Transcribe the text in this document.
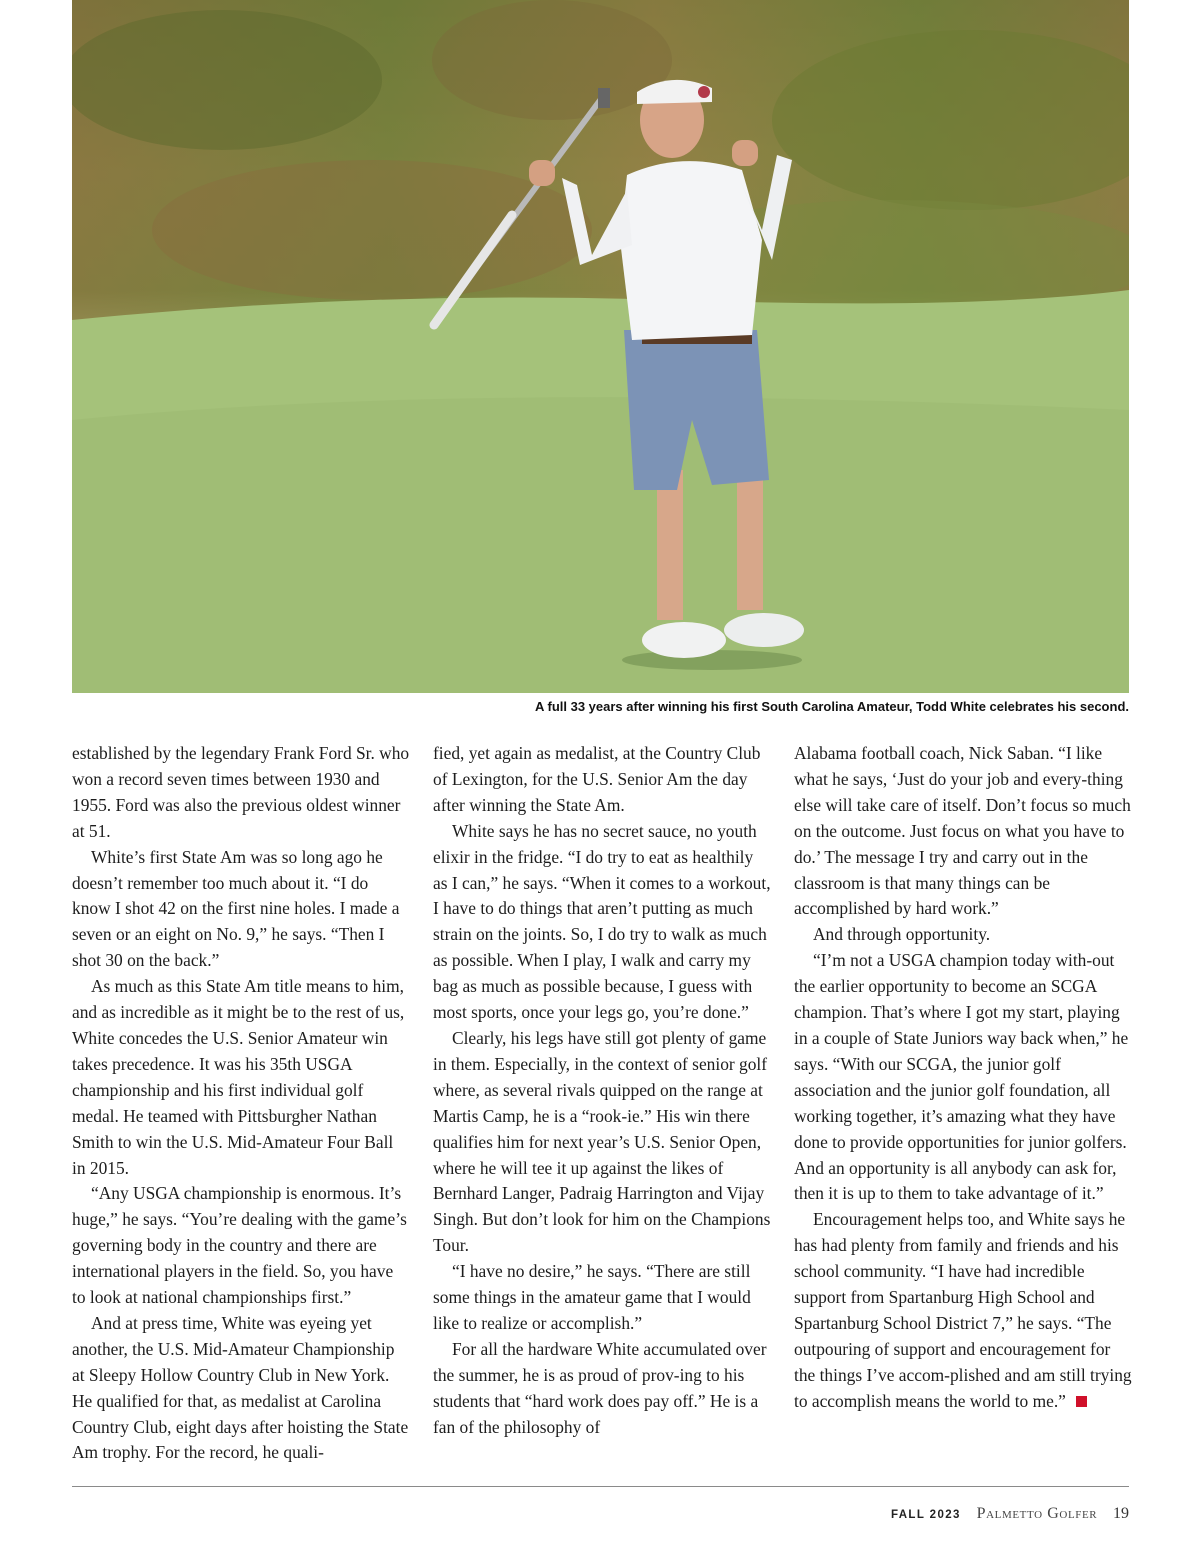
A full 33 years after winning his first South Carolina Amateur, Todd White celebrates his second.

established by the legendary Frank Ford Sr. who won a record seven times between 1930 and 1955. Ford was also the previous oldest winner at 51.

White’s first State Am was so long ago he doesn’t remember too much about it. “I do know I shot 42 on the first nine holes. I made a seven or an eight on No. 9,” he says. “Then I shot 30 on the back.”

As much as this State Am title means to him, and as incredible as it might be to the rest of us, White concedes the U.S. Senior Amateur win takes precedence. It was his 35th USGA championship and his first individual golf medal. He teamed with Pittsburgher Nathan Smith to win the U.S. Mid-Amateur Four Ball in 2015.

“Any USGA championship is enormous. It’s huge,” he says. “You’re dealing with the game’s governing body in the country and there are international players in the field. So, you have to look at national championships first.”

And at press time, White was eyeing yet another, the U.S. Mid-Amateur Championship at Sleepy Hollow Country Club in New York. He qualified for that, as medalist at Carolina Country Club, eight days after hoisting the State Am trophy. For the record, he quali-

fied, yet again as medalist, at the Country Club of Lexington, for the U.S. Senior Am the day after winning the State Am.

White says he has no secret sauce, no youth elixir in the fridge. “I do try to eat as healthily as I can,” he says. “When it comes to a workout, I have to do things that aren’t putting as much strain on the joints. So, I do try to walk as much as possible. When I play, I walk and carry my bag as much as possible because, I guess with most sports, once your legs go, you’re done.”

Clearly, his legs have still got plenty of game in them. Especially, in the context of senior golf where, as several rivals quipped on the range at Martis Camp, he is a “rook-ie.” His win there qualifies him for next year’s U.S. Senior Open, where he will tee it up against the likes of Bernhard Langer, Padraig Harrington and Vijay Singh. But don’t look for him on the Champions Tour.

“I have no desire,” he says. “There are still some things in the amateur game that I would like to realize or accomplish.”

For all the hardware White accumulated over the summer, he is as proud of prov-ing to his students that “hard work does pay off.” He is a fan of the philosophy of

Alabama football coach, Nick Saban. “I like what he says, ‘Just do your job and every-thing else will take care of itself. Don’t focus so much on the outcome. Just focus on what you have to do.’ The message I try and carry out in the classroom is that many things can be accomplished by hard work.”

And through opportunity.

“I’m not a USGA champion today with-out the earlier opportunity to become an SCGA champion. That’s where I got my start, playing in a couple of State Juniors way back when,” he says. “With our SCGA, the junior golf association and the junior golf foundation, all working together, it’s amazing what they have done to provide opportunities for junior golfers. And an opportunity is all anybody can ask for, then it is up to them to take advantage of it.”

Encouragement helps too, and White says he has had plenty from family and friends and his school community. “I have had incredible support from Spartanburg High School and Spartanburg School District 7,” he says. “The outpouring of support and encouragement for the things I’ve accom-plished and am still trying to accomplish means the world to me.”

FALL 2023 Palmetto Golfer 19
